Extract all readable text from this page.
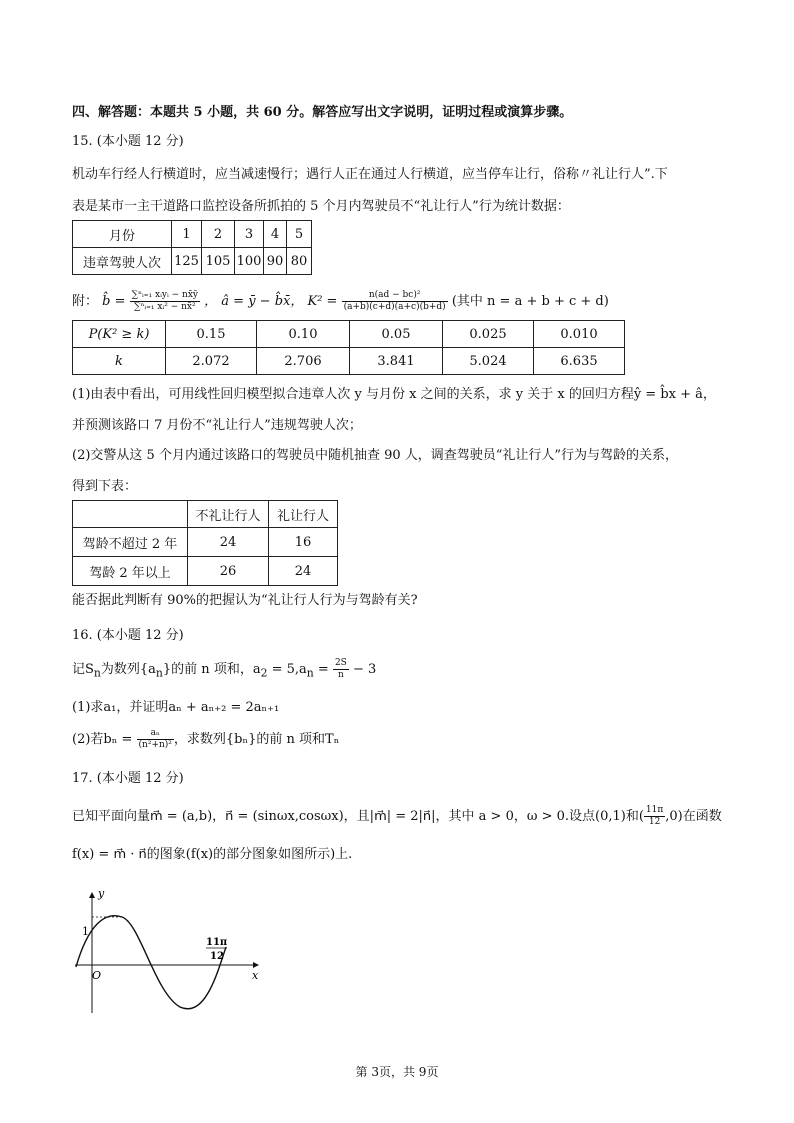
四、解答题：本题共 5 小题，共 60 分。解答应写出文字说明，证明过程或演算步骤。
15. (本小题 12 分)
机动车行经人行横道时，应当减速慢行；遇行人正在通过人行横道，应当停车让行，俗称〃礼让行人”.下
表是某市一主干道路口监控设备所抓拍的 5 个月内驾驶员不“礼让行人”行为统计数据：
月份	1	2	3	4	5
违章驾驶人次	125	105	100	90	80
附： b̂ = $\frac{\text{∑ⁿᵢ₌₁ xᵢyᵢ − nx̄ȳ}}{\text{∑ⁿᵢ₌₁ xᵢ² − nx̄²}}$ ， â = ȳ − b̂x̄， $K^2 = \frac{\text{n(ad − bc)²}}{(a+b)(c+d)(a+c)(b+d)}$ (其中 n = a + b + c + d)
P(K² ≥ k)	0.15	0.10	0.05	0.025	0.010
k	2.072	2.706	3.841	5.024	6.635
(1)由表中看出，可用线性回归模型拟合违章人次 y 与月份 x 之间的关系，求 y 关于 x 的回归方程ŷ = b̂x + â，
并预测该路口 7 月份不“礼让行人”违规驾驶人次；
(2)交警从这 5 个月内通过该路口的驾驶员中随机抽查 90 人，调查驾驶员“礼让行人”行为与驾龄的关系，
得到下表：
	不礼让行人	礼让行人
驾龄不超过 2 年	24	16
驾龄 2 年以上	26	24
能否据此判断有 90%的把握认为“礼让行人行为与驾龄有关?
16. (本小题 12 分)
记$S_n$为数列$\{a_n\}$的前 n 项和，$a_2 = 5,a_n = \frac{2S}{n} - 3$
(1)求a₁，并证明aₙ + aₙ₊₂ = 2aₙ₊₁
(2)若$b_n = \frac{\text{aₙ}}{\text{(n²+n)²}}$ ，求数列{bₙ}的前 n 项和Tₙ
17. (本小题 12 分)
已知平面向量m⃗ = (a,b)，n⃗ = (sinωx,cosωx)，且|m⃗| = 2|n⃗|，其中 a > 0，ω > 0.设点(0,1)和( $\frac{11\pi}{12} ,0$)在函数
f(x) = m⃗ · n⃗的图象(f(x)的部分图象如图所示)上.
y
x
O
1
11π
12
第 3页，共 9页
